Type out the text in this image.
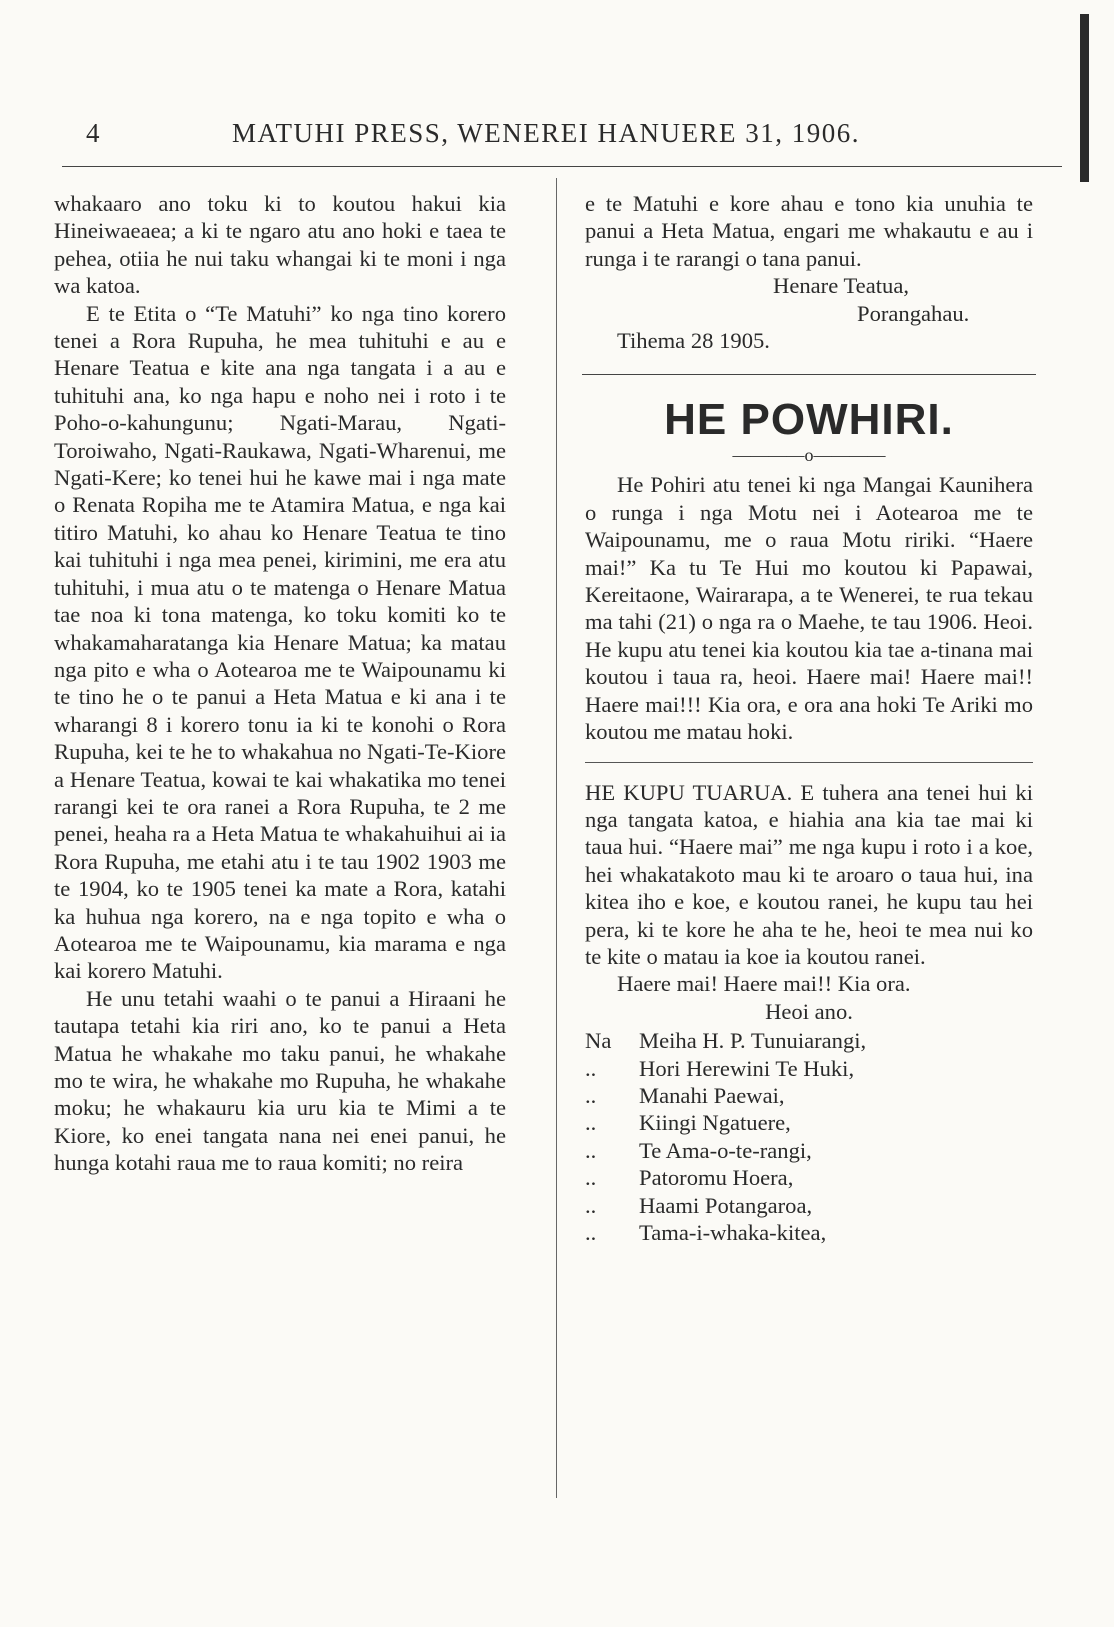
4	MATUHI PRESS, WENEREI HANUERE 31, 1906.

whakaaro ano toku ki to koutou hakui kia Hineiwaeaea; a ki te ngaro atu ano hoki e taea te pehea, otiia he nui taku whangai ki te moni i nga wa katoa.

E te Etita o “Te Matuhi” ko nga tino korero tenei a Rora Rupuha, he mea tuhituhi e au e Henare Teatua e kite ana nga tangata i a au e tuhituhi ana, ko nga hapu e noho nei i roto i te Poho-o-kahungunu; Ngati-Marau, Ngati-Toroiwaho, Ngati-Raukawa, Ngati-Wharenui, me Ngati-Kere; ko tenei hui he kawe mai i nga mate o Renata Ropiha me te Atamira Matua, e nga kai titiro Matuhi, ko ahau ko Henare Teatua te tino kai tuhituhi i nga mea penei, kirimini, me era atu tuhituhi, i mua atu o te matenga o Henare Matua tae noa ki tona matenga, ko toku komiti ko te whakamaharatanga kia Henare Matua; ka matau nga pito e wha o Aotearoa me te Waipounamu ki te tino he o te panui a Heta Matua e ki ana i te wharangi 8 i korero tonu ia ki te konohi o Rora Rupuha, kei te he to whakahua no Ngati-Te-Kiore a Henare Teatua, kowai te kai whakatika mo tenei rarangi kei te ora ranei a Rora Rupuha, te 2 me penei, heaha ra a Heta Matua te whakahuihui ai ia Rora Rupuha, me etahi atu i te tau 1902 1903 me te 1904, ko te 1905 tenei ka mate a Rora, katahi ka huhua nga korero, na e nga topito e wha o Aotearoa me te Waipounamu, kia marama e nga kai korero Matuhi.

He unu tetahi waahi o te panui a Hiraani he tautapa tetahi kia riri ano, ko te panui a Heta Matua he whakahe mo taku panui, he whakahe mo te wira, he whakahe mo Rupuha, he whakahe moku; he whakauru kia uru kia te Mimi a te Kiore, ko enei tangata nana nei enei panui, he hunga kotahi raua me to raua komiti; no reira

e te Matuhi e kore ahau e tono kia unuhia te panui a Heta Matua, engari me whakautu e au i runga i te rarangi o tana panui.

Henare Teatua,

Porangahau.

Tihema 28 1905.

HE POWHIRI.
————o————

He Pohiri atu tenei ki nga Mangai Kaunihera o runga i nga Motu nei i Aotearoa me te Waipounamu, me o raua Motu ririki. “Haere mai!” Ka tu Te Hui mo koutou ki Papawai, Kereitaone, Wairarapa, a te Wenerei, te rua tekau ma tahi (21) o nga ra o Maehe, te tau 1906. Heoi. He kupu atu tenei kia koutou kia tae a-tinana mai koutou i taua ra, heoi. Haere mai! Haere mai!! Haere mai!!! Kia ora, e ora ana hoki Te Ariki mo koutou me matau hoki.

HE KUPU TUARUA. E tuhera ana tenei hui ki nga tangata katoa, e hiahia ana kia tae mai ki taua hui. “Haere mai” me nga kupu i roto i a koe, hei whakatakoto mau ki te aroaro o taua hui, ina kitea iho e koe, e koutou ranei, he kupu tau hei pera, ki te kore he aha te he, heoi te mea nui ko te kite o matau ia koe ia koutou ranei.

Haere mai! Haere mai!! Kia ora.

Heoi ano.

Na	Meiha H. P. Tunuiarangi,
..	Hori Herewini Te Huki,
..	Manahi Paewai,
..	Kiingi Ngatuere,
..	Te Ama-o-te-rangi,
..	Patoromu Hoera,
..	Haami Potangaroa,
..	Tama-i-whaka-kitea,
